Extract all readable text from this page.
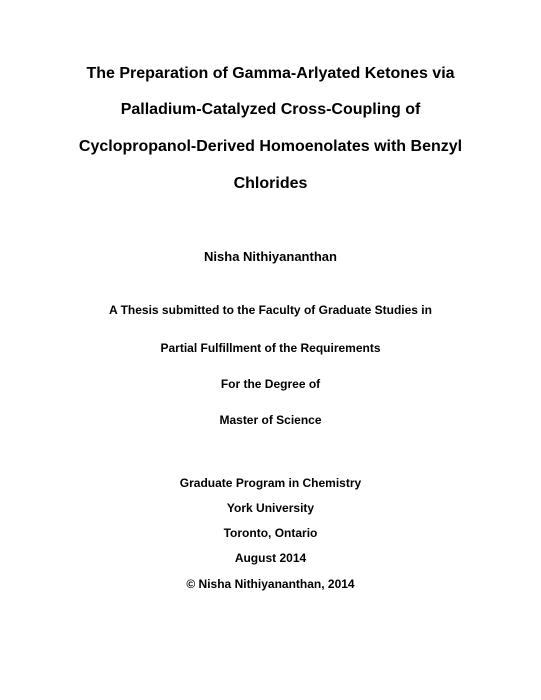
The Preparation of Gamma-Arlyated Ketones via
Palladium-Catalyzed Cross-Coupling of
Cyclopropanol-Derived Homoenolates with Benzyl
Chlorides
Nisha Nithiyananthan
A Thesis submitted to the Faculty of Graduate Studies in
Partial Fulfillment of the Requirements
For the Degree of
Master of Science
Graduate Program in Chemistry
York University
Toronto, Ontario
August 2014
© Nisha Nithiyananthan, 2014
